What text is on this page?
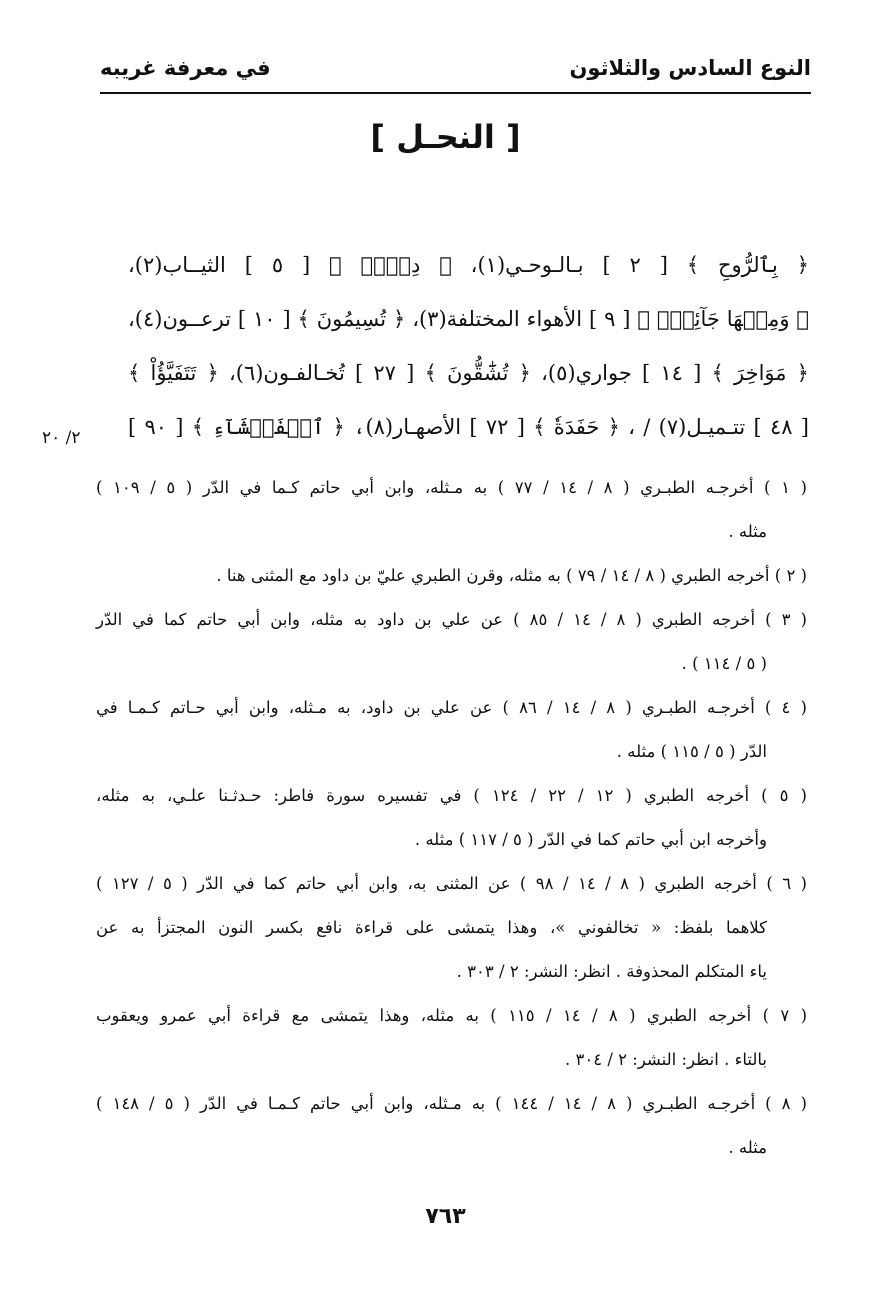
النوع السادس والثلاثون
في معرفة غريبه
[ النحـل ]
﴿ بِٱلرُّوحِ ﴾ [ ٢ ] بـالـوحـي(١)، ﴿ دِفۡءٞ ﴾ [ ٥ ] الثيــاب(٢)،
﴿ وَمِنۡهَا جَآئِرٞۚ ﴾ [ ٩ ] الأهواء المختلفة(٣)، ﴿ تُسِيمُونَ ﴾ [ ١٠ ] ترعــون(٤)،
﴿ مَوَاخِرَ ﴾ [ ١٤ ] جواري(٥)، ﴿ تُشَٰٓقُّونَ ﴾ [ ٢٧ ] تُخـالفـون(٦)، ﴿ تَتَفَيَّؤُاْ ﴾
[ ٤٨ ] تتـميـل(٧) / ، ﴿ حَفَدَةٗ ﴾ [ ٧٢ ] الأصهـار(٨)، ﴿ ٱلۡفَحۡشَآءِ ﴾ [ ٩٠ ]
٢/ ٢٠
( ١ ) أخرجـه الطبـري ( ٨ / ١٤ / ٧٧ ) به مـثله، وابن أبي حاتم كـما في الدّر ( ٥ / ١٠٩ )
مثله .
( ٢ ) أخرجه الطبري ( ٨ / ١٤ / ٧٩ ) به مثله، وقرن الطبري عليّ بن داود مع المثنى هنا .
( ٣ ) أخرجه الطبري ( ٨ / ١٤ / ٨٥ ) عن علي بن داود به مثله، وابن أبي حاتم كما في الدّر
( ٥ / ١١٤ ) .
( ٤ ) أخرجـه الطبـري ( ٨ / ١٤ / ٨٦ ) عن علي بن داود، به مـثله، وابن أبي حـاتم كـمـا في
الدّر ( ٥ / ١١٥ ) مثله .
( ٥ ) أخرجه الطبري ( ١٢ / ٢٢ / ١٢٤ ) في تفسيره سورة فاطر: حـدثـنا علـي، به مثله،
وأخرجه ابن أبي حاتم كما في الدّر ( ٥ / ١١٧ ) مثله .
( ٦ ) أخرجه الطبري ( ٨ / ١٤ / ٩٨ ) عن المثنى به، وابن أبي حاتم كما في الدّر ( ٥ / ١٢٧ )
كلاهما بلفظ: « تخالفوني »، وهذا يتمشى على قراءة نافع بكسر النون المجتزأ به عن
ياء المتكلم المحذوفة . انظر: النشر: ٢ / ٣٠٣ .
( ٧ ) أخرجه الطبري ( ٨ / ١٤ / ١١٥ ) به مثله، وهذا يتمشى مع قراءة أبي عمرو ويعقوب
بالتاء . انظر: النشر: ٢ / ٣٠٤ .
( ٨ ) أخرجـه الطبـري ( ٨ / ١٤ / ١٤٤ ) به مـثله، وابن أبي حاتم كـمـا في الدّر ( ٥ / ١٤٨ )
مثله .
٧٦٣
